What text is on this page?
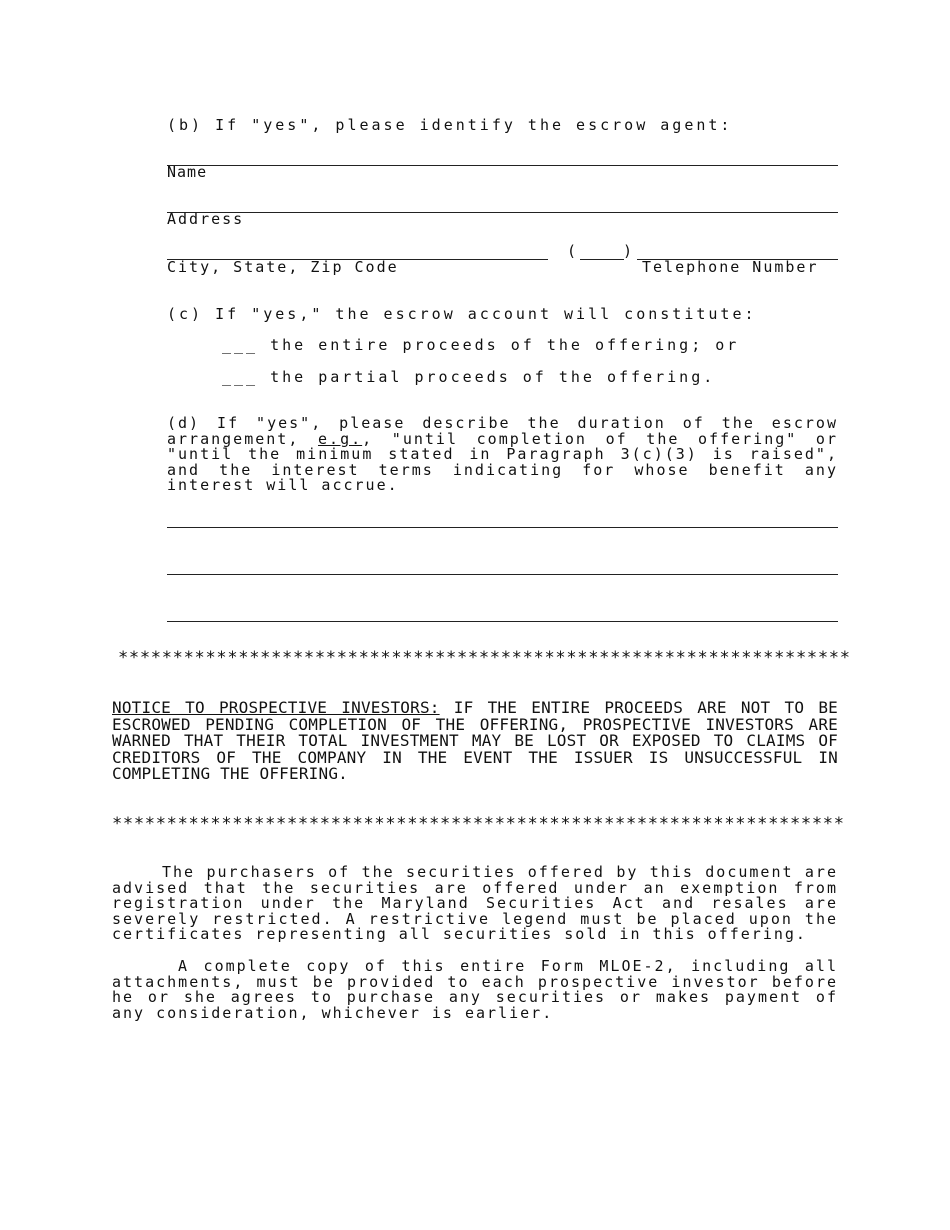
(b) If "yes", please identify the escrow agent:
Name
Address
City, State, Zip Code
(	)
Telephone Number
(c) If "yes," the escrow account will constitute:
___ the entire proceeds of the offering; or
___ the partial proceeds of the offering.
(d) If "yes", please describe the duration of the escrow arrangement, e.g., "until completion of the offering" or "until the minimum stated in Paragraph 3(c)(3) is raised", and the interest terms indicating for whose benefit any interest will accrue.
*******************************************************************
NOTICE TO PROSPECTIVE INVESTORS: IF THE ENTIRE PROCEEDS ARE NOT TO BE ESCROWED PENDING COMPLETION OF THE OFFERING, PROSPECTIVE INVESTORS ARE WARNED THAT THEIR TOTAL INVESTMENT MAY BE LOST OR EXPOSED TO CLAIMS OF CREDITORS OF THE COMPANY IN THE EVENT THE ISSUER IS UNSUCCESSFUL IN COMPLETING THE OFFERING.
*******************************************************************
The purchasers of the securities offered by this document are advised that the securities are offered under an exemption from registration under the Maryland Securities Act and resales are severely restricted. A restrictive legend must be placed upon the certificates representing all securities sold in this offering.
A complete copy of this entire Form MLOE-2, including all attachments, must be provided to each prospective investor before he or she agrees to purchase any securities or makes payment of any consideration, whichever is earlier.
